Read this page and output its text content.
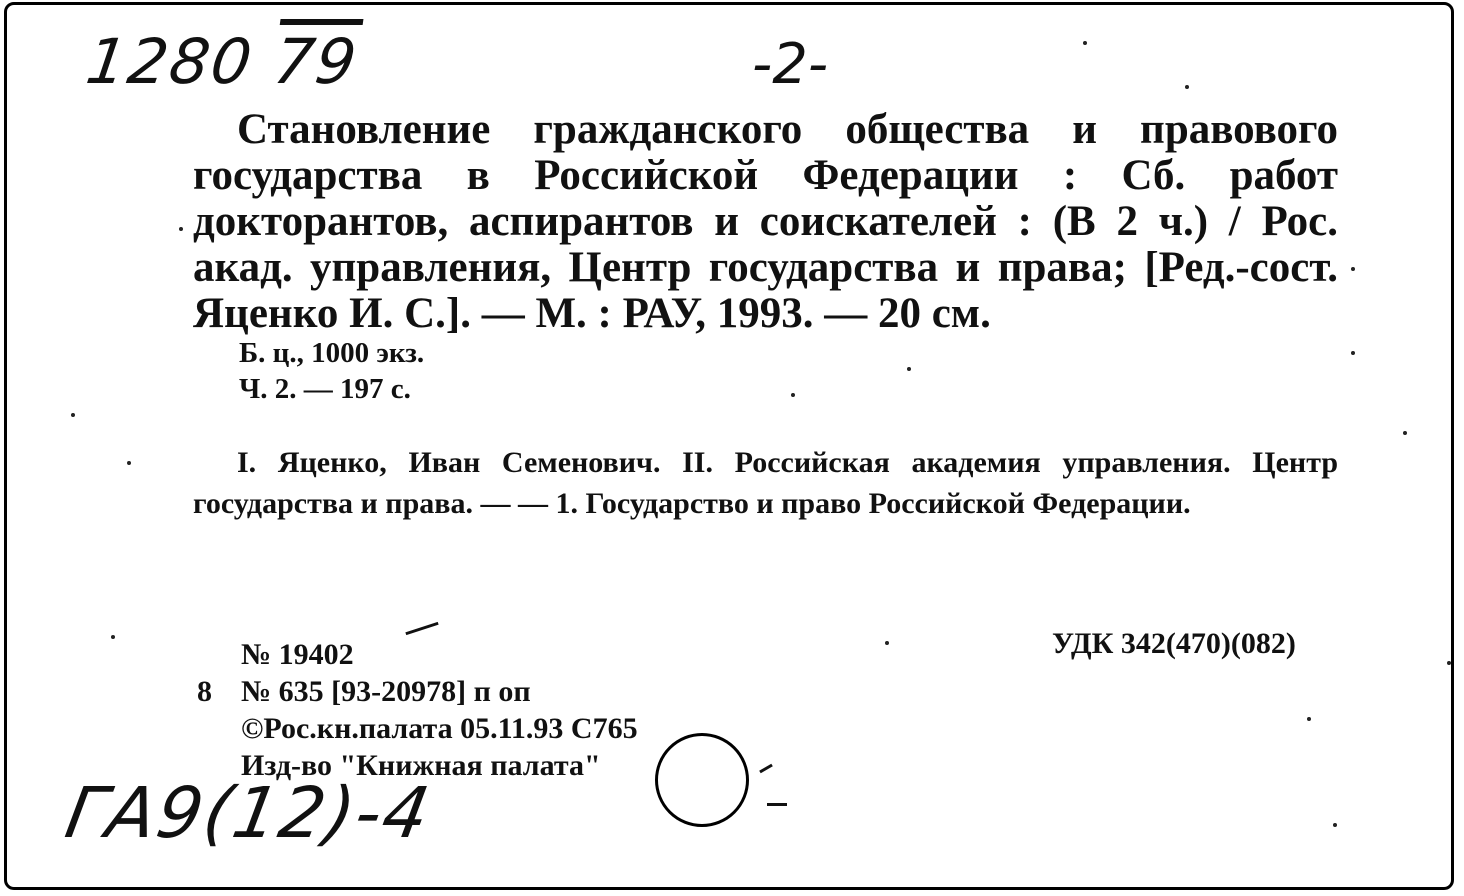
1280 79	-2-

Становление гражданского общества и правового государства в Российской Федерации : Сб. работ докторантов, аспирантов и соискателей : (В 2 ч.) / Рос. акад. управления, Центр государства и права; [Ред.-сост. Яценко И. С.]. — М. : РАУ, 1993. — 20 см.

Б. ц., 1000 экз.
Ч. 2. — 197 с.

I. Яценко, Иван Семенович. II. Российская академия управления. Центр государства и права. — — 1. Государство и право Российской Федерации.

УДК 342(470)(082)
№ 19402
8 № 635 [93-20978] п оп
©Рос.кн.палата 05.11.93 С765
Изд-во "Книжная палата"
ГА9(12)-4
